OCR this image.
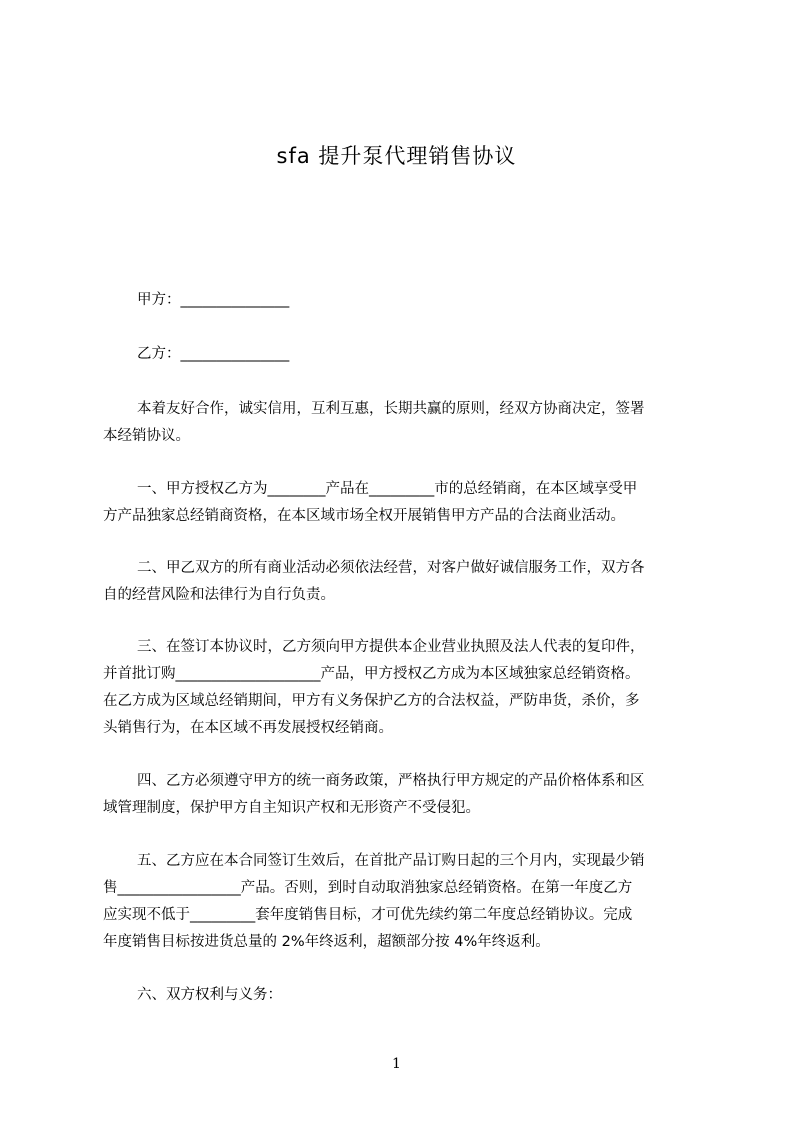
sfa 提升泵代理销售协议
甲方：_______________
乙方：_______________
本着友好合作，诚实信用，互利互惠，长期共赢的原则，经双方协商决定，签署
本经销协议。
一、甲方授权乙方为________产品在_________市的总经销商，在本区域享受甲
方产品独家总经销商资格，在本区域市场全权开展销售甲方产品的合法商业活动。
二、甲乙双方的所有商业活动必须依法经营，对客户做好诚信服务工作，双方各
自的经营风险和法律行为自行负责。
三、在签订本协议时，乙方须向甲方提供本企业营业执照及法人代表的复印件，
并首批订购____________________产品，甲方授权乙方成为本区域独家总经销资格。
在乙方成为区域总经销期间，甲方有义务保护乙方的合法权益，严防串货，杀价，多
头销售行为，在本区域不再发展授权经销商。
四、乙方必须遵守甲方的统一商务政策，严格执行甲方规定的产品价格体系和区
域管理制度，保护甲方自主知识产权和无形资产不受侵犯。
五、乙方应在本合同签订生效后，在首批产品订购日起的三个月内，实现最少销
售_________________产品。否则，到时自动取消独家总经销资格。在第一年度乙方
应实现不低于_________套年度销售目标，才可优先续约第二年度总经销协议。完成
年度销售目标按进货总量的 2%年终返利，超额部分按 4%年终返利。
六、双方权利与义务：
1
